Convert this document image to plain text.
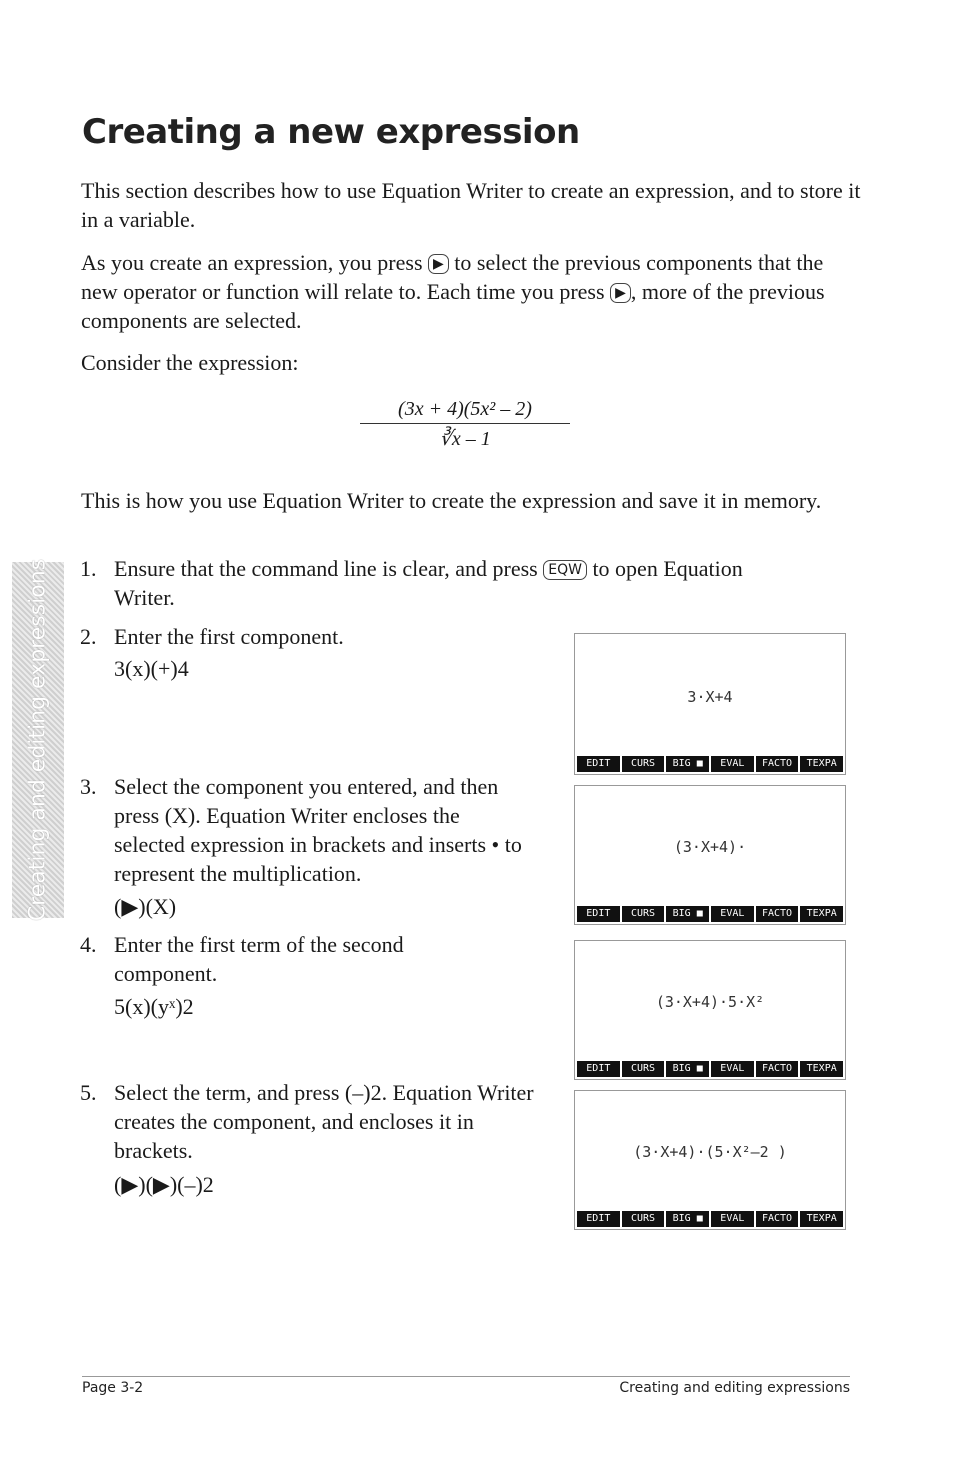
Creating a new expression
This section describes how to use Equation Writer to create an expression, and to store it in a variable.
As you create an expression, you press ▶ to select the previous components that the new operator or function will relate to. Each time you press ▶ , more of the previous components are selected.
Consider the expression:
$\frac{\text{(3x + 4)(5x² – 2)}}{∛x - 1}$
This is how you use Equation Writer to create the expression and save it in memory.
Creating and editing expressions 1. Ensure that the command line is clear, and press EQW to open Equation Writer.
2. Enter the first component.
3(x)(+)4
3. Select the component you entered, and then press (X). Equation Writer encloses the selected expression in brackets and inserts • to represent the multiplication.
(▶)(X)
4. Enter the first term of the second component.
5(x)(yˣ)2
5. Select the term, and press (–)2. Equation Writer creates the component, and encloses it in brackets.
(▶)(▶)(–)2
3·X+4
EDIT	CURS	BIG ■	EVAL	FACTO	TEXPA
(3·X+4)·
EDIT	CURS	BIG ■	EVAL	FACTO	TEXPA
(3·X+4)·5·X²
EDIT	CURS	BIG ■	EVAL	FACTO	TEXPA
(3·X+4)·(5·X²–2 )
EDIT	CURS	BIG ■	EVAL	FACTO	TEXPA
Page 3-2	Creating and editing expressions
